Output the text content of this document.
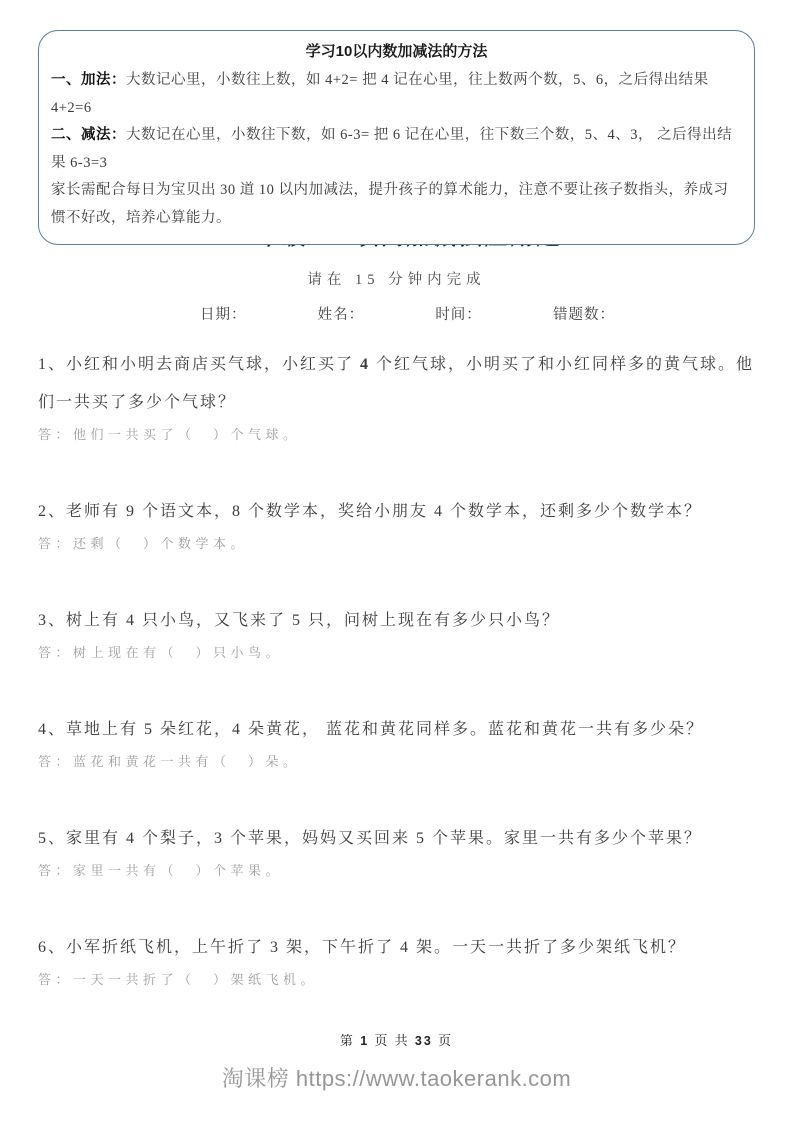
学习10以内数加减法的方法
一、加法：大数记心里，小数往上数，如 4+2= 把 4 记在心里，往上数两个数，5、6，之后得出结果 4+2=6
二、减法：大数记在心里，小数往下数，如 6-3= 把 6 记在心里，往下数三个数，5、4、3， 之后得出结果 6-3=3
家长需配合每日为宝贝出 30 道 10 以内加减法，提升孩子的算术能力，注意不要让孩子数指头，养成习惯不好改，培养心算能力。
请在 15 分钟内完成
日期：	姓名：	时间：	错题数：

1、小红和小明去商店买气球，小红买了 4 个红气球，小明买了和小红同样多的黄气球。他们一共买了多少个气球？

答：他们一共买了（　）个气球。

2、老师有 9 个语文本，8 个数学本，奖给小朋友 4 个数学本，还剩多少个数学本？

答：还剩（　）个数学本。

3、树上有 4 只小鸟，又飞来了 5 只，问树上现在有多少只小鸟？

答：树上现在有（　）只小鸟。

4、草地上有 5 朵红花，4 朵黄花， 蓝花和黄花同样多。蓝花和黄花一共有多少朵？

答：蓝花和黄花一共有（　）朵。

5、家里有 4 个梨子，3 个苹果，妈妈又买回来 5 个苹果。家里一共有多少个苹果？

答：家里一共有（　）个苹果。

6、小军折纸飞机，上午折了 3 架，下午折了 4 架。一天一共折了多少架纸飞机？

答：一天一共折了（　）架纸飞机。

第 1 页 共 33 页
淘课榜 https://www.taokerank.com
